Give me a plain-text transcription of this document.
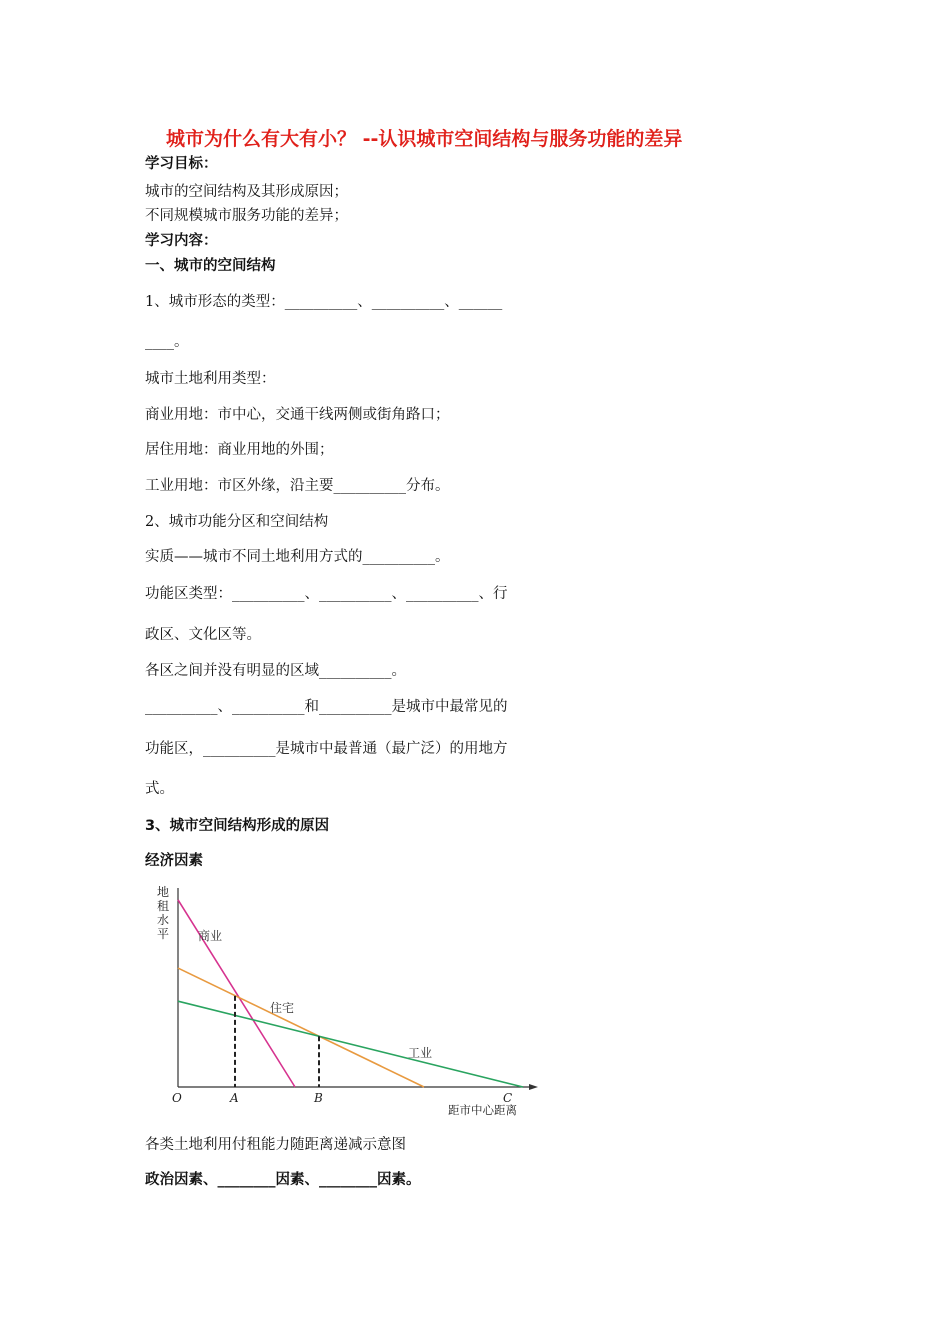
城市为什么有大有小？ --认识城市空间结构与服务功能的差异
学习目标：
城市的空间结构及其形成原因；
不同规模城市服务功能的差异；
学习内容：
一、城市的空间结构
1、城市形态的类型：__________、__________、______
____。
城市土地利用类型：
商业用地：市中心，交通干线两侧或街角路口；
居住用地：商业用地的外围；
工业用地：市区外缘，沿主要__________分布。
2、城市功能分区和空间结构
实质——城市不同土地利用方式的__________。
功能区类型：__________、__________、__________、行
政区、文化区等。
各区之间并没有明显的区域__________。
__________、__________和__________是城市中最常见的
功能区，__________是城市中最普通（最广泛）的用地方
式。
3、城市空间结构形成的原因
经济因素
地租水平
距市中心距离
O	A	B	C
商业
住宅
工业
各类土地利用付租能力随距离递减示意图
政治因素、________因素、________因素。
